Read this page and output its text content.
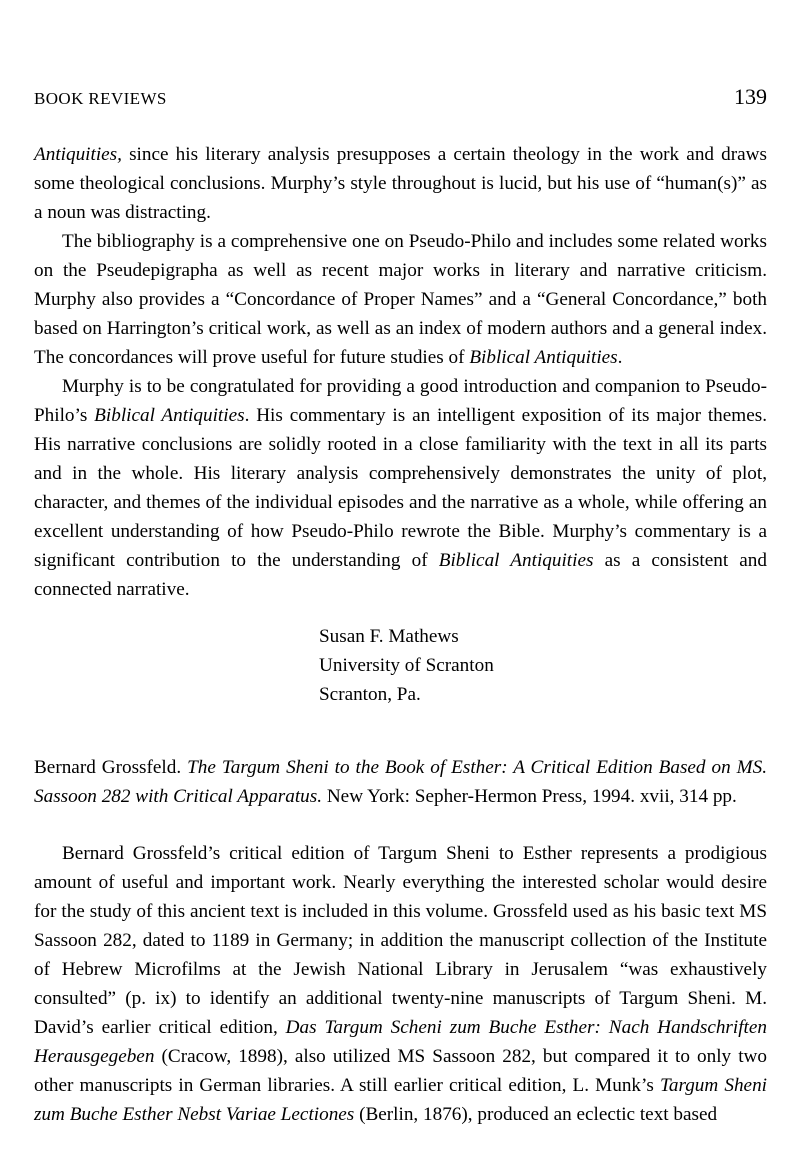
BOOK REVIEWS	139

Antiquities, since his literary analysis presupposes a certain theology in the work and draws some theological conclusions. Murphy’s style throughout is lucid, but his use of “human(s)” as a noun was distracting.

The bibliography is a comprehensive one on Pseudo-Philo and includes some related works on the Pseudepigrapha as well as recent major works in literary and narrative criticism. Murphy also provides a “Concordance of Proper Names” and a “General Concordance,” both based on Harrington’s critical work, as well as an index of modern authors and a general index. The concordances will prove useful for future studies of Biblical Antiquities.

Murphy is to be congratulated for providing a good introduction and companion to Pseudo-Philo’s Biblical Antiquities. His commentary is an intelligent exposition of its major themes. His narrative conclusions are solidly rooted in a close familiarity with the text in all its parts and in the whole. His literary analysis comprehensively demonstrates the unity of plot, character, and themes of the individual episodes and the narrative as a whole, while offering an excellent understanding of how Pseudo-Philo rewrote the Bible. Murphy’s commentary is a significant contribution to the understanding of Biblical Antiquities as a consistent and connected narrative.

Susan F. Mathews
University of Scranton
Scranton, Pa.
Bernard Grossfeld. The Targum Sheni to the Book of Esther: A Critical Edition Based on MS. Sassoon 282 with Critical Apparatus. New York: Sepher-Hermon Press, 1994. xvii, 314 pp.

Bernard Grossfeld’s critical edition of Targum Sheni to Esther represents a prodigious amount of useful and important work. Nearly everything the interested scholar would desire for the study of this ancient text is included in this volume. Grossfeld used as his basic text MS Sassoon 282, dated to 1189 in Germany; in addition the manuscript collection of the Institute of Hebrew Microfilms at the Jewish National Library in Jerusalem “was exhaustively consulted” (p. ix) to identify an additional twenty-nine manuscripts of Targum Sheni. M. David’s earlier critical edition, Das Targum Scheni zum Buche Esther: Nach Handschriften Herausgegeben (Cracow, 1898), also utilized MS Sassoon 282, but compared it to only two other manuscripts in German libraries. A still earlier critical edition, L. Munk’s Targum Sheni zum Buche Esther Nebst Variae Lectiones (Berlin, 1876), produced an eclectic text based
